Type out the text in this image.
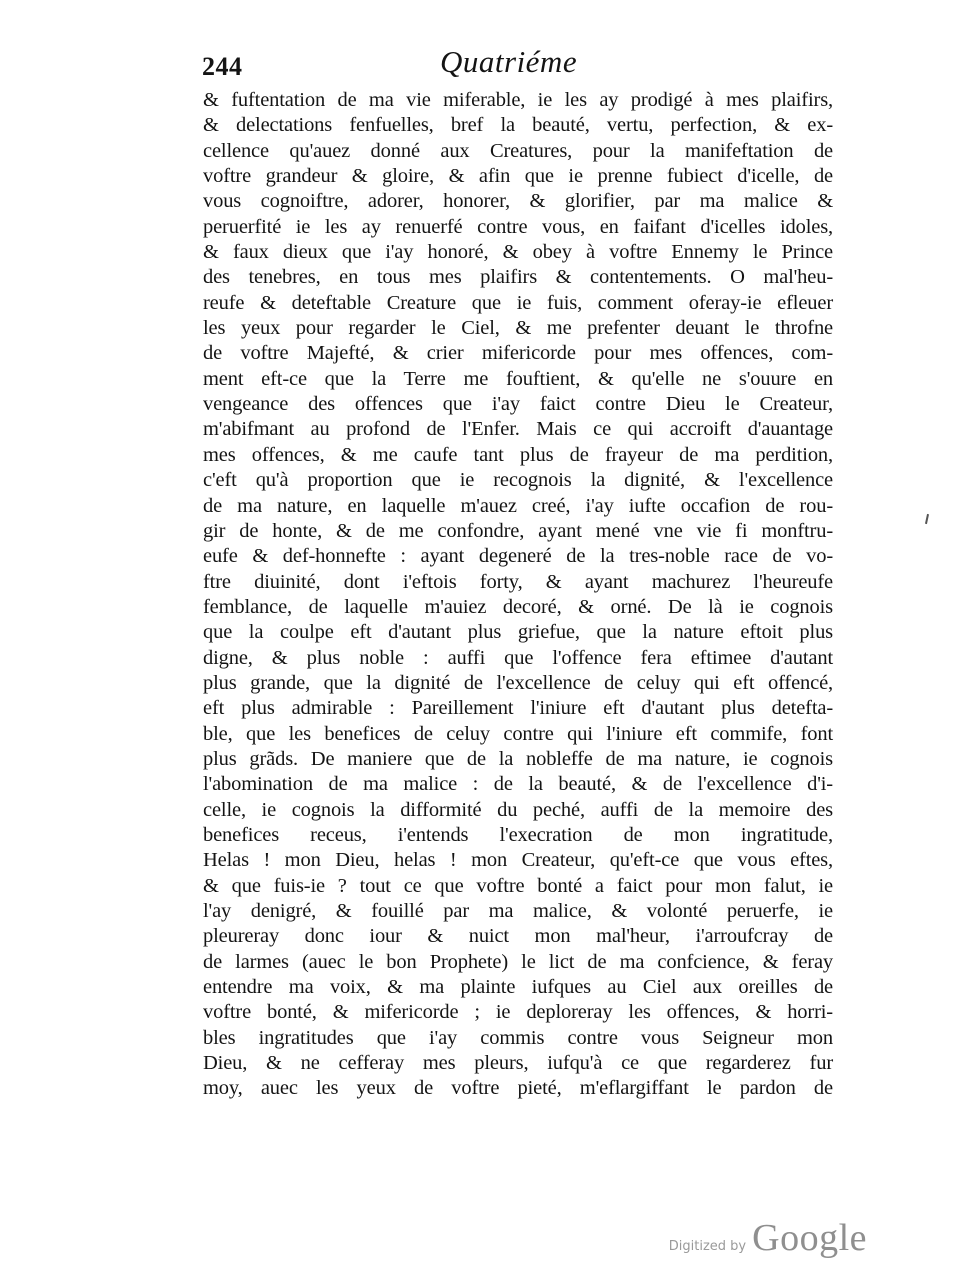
244	Quatriéme
& fuftentation de ma vie miferable, ie les ay prodigé à mes plaifirs,
& delectations fenfuelles, bref la beauté, vertu, perfection, & ex-
cellence qu'auez donné aux Creatures, pour la manifeftation de
voftre grandeur & gloire, & afin que ie prenne fubiect d'icelle, de
vous cognoiftre, adorer, honorer, & glorifier, par ma malice &
peruerfité ie les ay renuerfé contre vous, en faifant d'icelles idoles,
& faux dieux que i'ay honoré, & obey à voftre Ennemy le Prince
des tenebres, en tous mes plaifirs & contentements. O mal'heu-
reufe & deteftable Creature que ie fuis, comment oferay-ie efleuer
les yeux pour regarder le Ciel, & me prefenter deuant le throfne
de voftre Majefté, & crier mifericorde pour mes offences, com-
ment eft-ce que la Terre me fouftient, & qu'elle ne s'ouure en
vengeance des offences que i'ay faict contre Dieu le Createur,
m'abifmant au profond de l'Enfer. Mais ce qui accroift d'auantage
mes offences, & me caufe tant plus de frayeur de ma perdition,
c'eft qu'à proportion que ie recognois la dignité, & l'excellence
de ma nature, en laquelle m'auez creé, i'ay iufte occafion de rou-
gir de honte, & de me confondre, ayant mené vne vie fi monftru-
eufe & def-honnefte : ayant degeneré de la tres-noble race de vo-
ftre diuinité, dont i'eftois forty, & ayant machurez l'heureufe
femblance, de laquelle m'auiez decoré, & orné. De là ie cognois
que la coulpe eft d'autant plus griefue, que la nature eftoit plus
digne, & plus noble : auffi que l'offence fera eftimee d'autant
plus grande, que la dignité de l'excellence de celuy qui eft offencé,
eft plus admirable : Pareillement l'iniure eft d'autant plus detefta-
ble, que les benefices de celuy contre qui l'iniure eft commife, font
plus grãds. De maniere que de la nobleffe de ma nature, ie cognois
l'abomination de ma malice : de la beauté, & de l'excellence d'i-
celle, ie cognois la difformité du peché, auffi de la memoire des
benefices receus, i'entends l'execration de mon ingratitude,
Helas ! mon Dieu, helas ! mon Createur, qu'eft-ce que vous eftes,
& que fuis-ie ? tout ce que voftre bonté a faict pour mon falut, ie
l'ay denigré, & fouillé par ma malice, & volonté peruerfe, ie
pleureray donc iour & nuict mon mal'heur, i'arroufcray de
de larmes (auec le bon Prophete) le lict de ma confcience, & feray
entendre ma voix, & ma plainte iufques au Ciel aux oreilles de
voftre bonté, & mifericorde ; ie deploreray les offences, & horri-
bles ingratitudes que i'ay commis contre vous Seigneur mon
Dieu, & ne cefferay mes pleurs, iufqu'à ce que regarderez fur
moy, auec les yeux de voftre pieté, m'eflargiffant le pardon de
Digitized by Google
